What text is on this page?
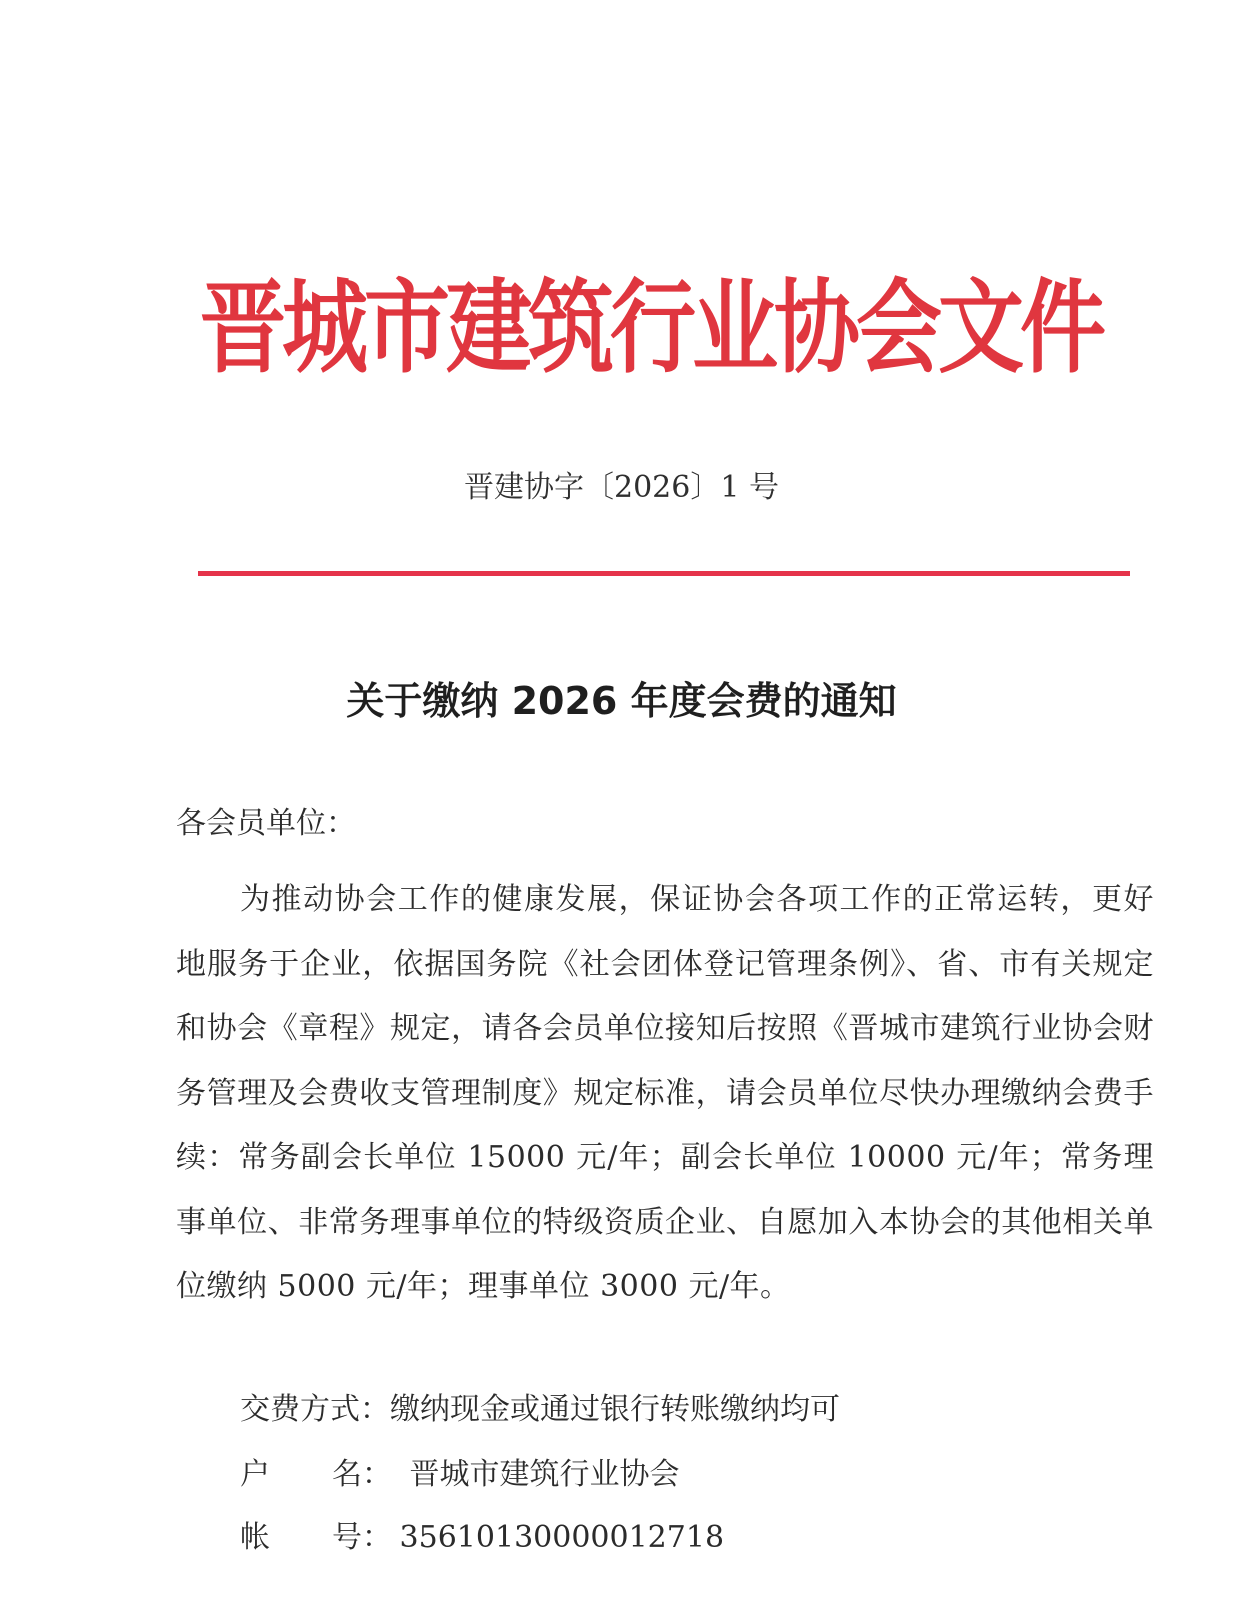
晋城市建筑行业协会文件
晋建协字〔2026〕1 号
关于缴纳 2026 年度会费的通知
各会员单位：
为推动协会工作的健康发展，保证协会各项工作的正常运转，更好地服务于企业，依据国务院《社会团体登记管理条例》、省、市有关规定和协会《章程》规定，请各会员单位接知后按照《晋城市建筑行业协会财务管理及会费收支管理制度》规定标准，请会员单位尽快办理缴纳会费手续：常务副会长单位 15000 元/年；副会长单位 10000 元/年；常务理事单位、非常务理事单位的特级资质企业、自愿加入本协会的其他相关单位缴纳 5000 元/年；理事单位 3000 元/年。
交费方式：缴纳现金或通过银行转账缴纳均可
户 名： 晋城市建筑行业协会
帐 号： 35610130000012718
